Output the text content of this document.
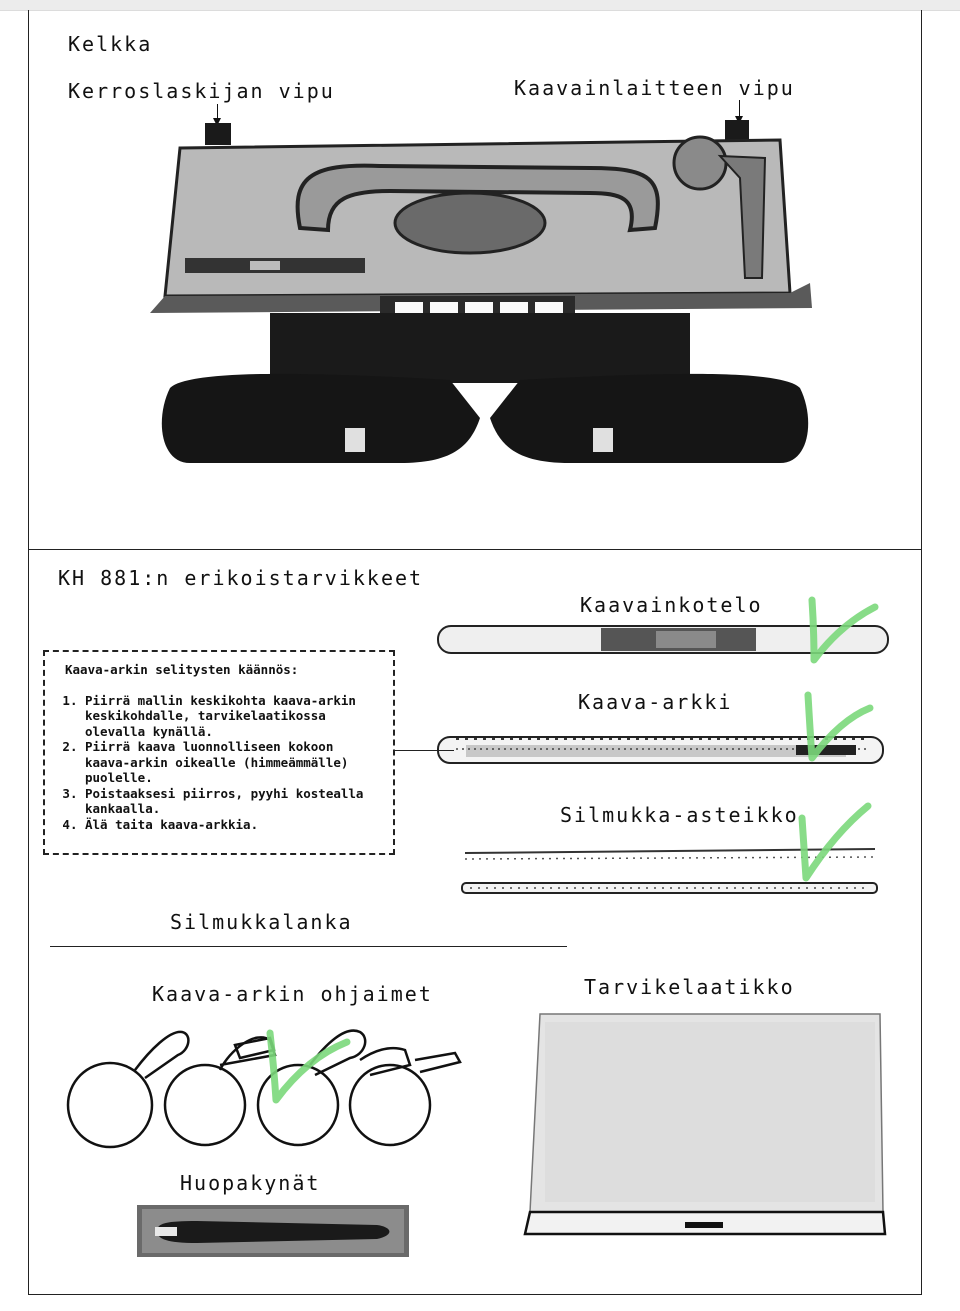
Kelkka
Kerroslaskijan vipu	Kaavainlaitteen vipu
KH 881:n erikoistarvikkeet
Kaavainkotelo
Kaava-arkki
Silmukka-asteikko
Kaava-arkin selitysten käännös:
1. Piirrä mallin keskikohta kaava-arkin keskikohdalle, tarvikelaatikossa olevalla kynällä.
2. Piirrä kaava luonnolliseen kokoon kaava-arkin oikealle (himmeämmälle) puolelle.
3. Poistaaksesi piirros, pyyhi kostealla kankaalla.
4. Älä taita kaava-arkkia.
Silmukkalanka
Kaava-arkin ohjaimet
Huopakynät
Tarvikelaatikko
